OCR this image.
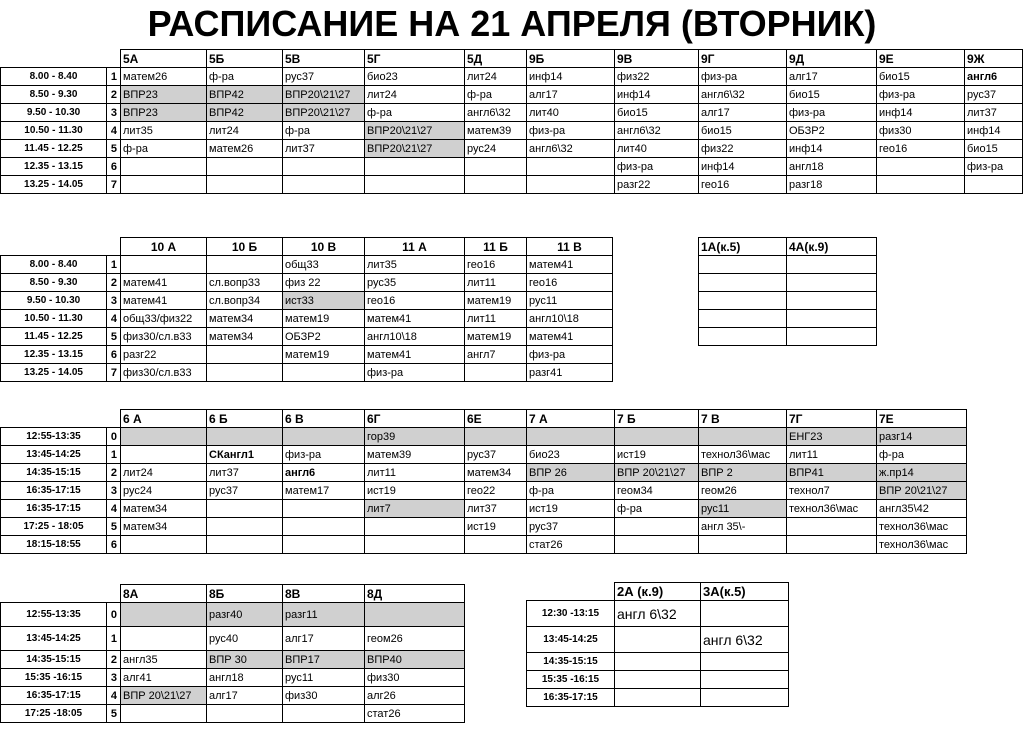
РАСПИСАНИЕ НА 21 АПРЕЛЯ (ВТОРНИК)
		5А	5Б	5В	5Г	5Д	9Б	9В	9Г	9Д	9Е	9Ж
8.00 - 8.40	1	матем26	ф-ра	рус37	био23	лит24	инф14	физ22	физ-ра	алг17	био15	англ6
8.50 - 9.30	2	ВПР23	ВПР42	ВПР20\21\27	лит24	ф-ра	алг17	инф14	англ6\32	био15	физ-ра	рус37
9.50 - 10.30	3	ВПР23	ВПР42	ВПР20\21\27	ф-ра	англ6\32	лит40	био15	алг17	физ-ра	инф14	лит37
10.50 - 11.30	4	лит35	лит24	ф-ра	ВПР20\21\27	матем39	физ-ра	англ6\32	био15	ОБЗР2	физ30	инф14
11.45 - 12.25	5	ф-ра	матем26	лит37	ВПР20\21\27	рус24	англ6\32	лит40	физ22	инф14	гео16	био15
12.35 - 13.15	6							физ-ра	инф14	англ18		физ-ра
13.25 - 14.05	7							разг22	гео16	разг18		
		10 А	10 Б	10 В	11 А	11 Б	11 В
8.00 - 8.40	1			общ33	лит35	гео16	матем41
8.50 - 9.30	2	матем41	сл.вопр33	физ 22	рус35	лит11	гео16
9.50 - 10.30	3	матем41	сл.вопр34	ист33	гео16	матем19	рус11
10.50 - 11.30	4	общ33/физ22	матем34	матем19	матем41	лит11	англ10\18
11.45 - 12.25	5	физ30/сл.в33	матем34	ОБЗР2	англ10\18	матем19	матем41
12.35 - 13.15	6	разг22		матем19	матем41	англ7	физ-ра
13.25 - 14.05	7	физ30/сл.в33			физ-ра		разг41
1А(к.5)	4А(к.9)

		6 А	6 Б	6 В	6Г	6Е	7 А	7 Б	7 В	7Г	7Е
12:55-13:35	0				гор39					ЕНГ23	разг14
13:45-14:25	1		СКангл1	физ-ра	матем39	рус37	био23	ист19	технол36\мас	лит11	ф-ра
14:35-15:15	2	лит24	лит37	англ6	лит11	матем34	ВПР 26	ВПР 20\21\27	ВПР 2	ВПР41	ж.пр14
16:35-17:15	3	рус24	рус37	матем17	ист19	гео22	ф-ра	геом34	геом26	технол7	ВПР 20\21\27
16:35-17:15	4	матем34			лит7	лит37	ист19	ф-ра	рус11	технол36\мас	англ35\42
17:25 - 18:05	5	матем34				ист19	рус37		англ 35\-		технол36\мас
18:15-18:55	6						стат26				технол36\мас
		8А	8Б	8В	8Д
12:55-13:35	0		разг40	разг11	
13:45-14:25	1		рус40	алг17	геом26
14:35-15:15	2	англ35	ВПР 30	ВПР17	ВПР40
15:35 -16:15	3	алг41	англ18	рус11	физ30
16:35-17:15	4	ВПР 20\21\27	алг17	физ30	алг26
17:25 -18:05	5				стат26
	2А (к.9)	3А(к.5)
12:30 -13:15	англ 6\32	
13:45-14:25		англ 6\32
14:35-15:15		
15:35 -16:15		
16:35-17:15		
